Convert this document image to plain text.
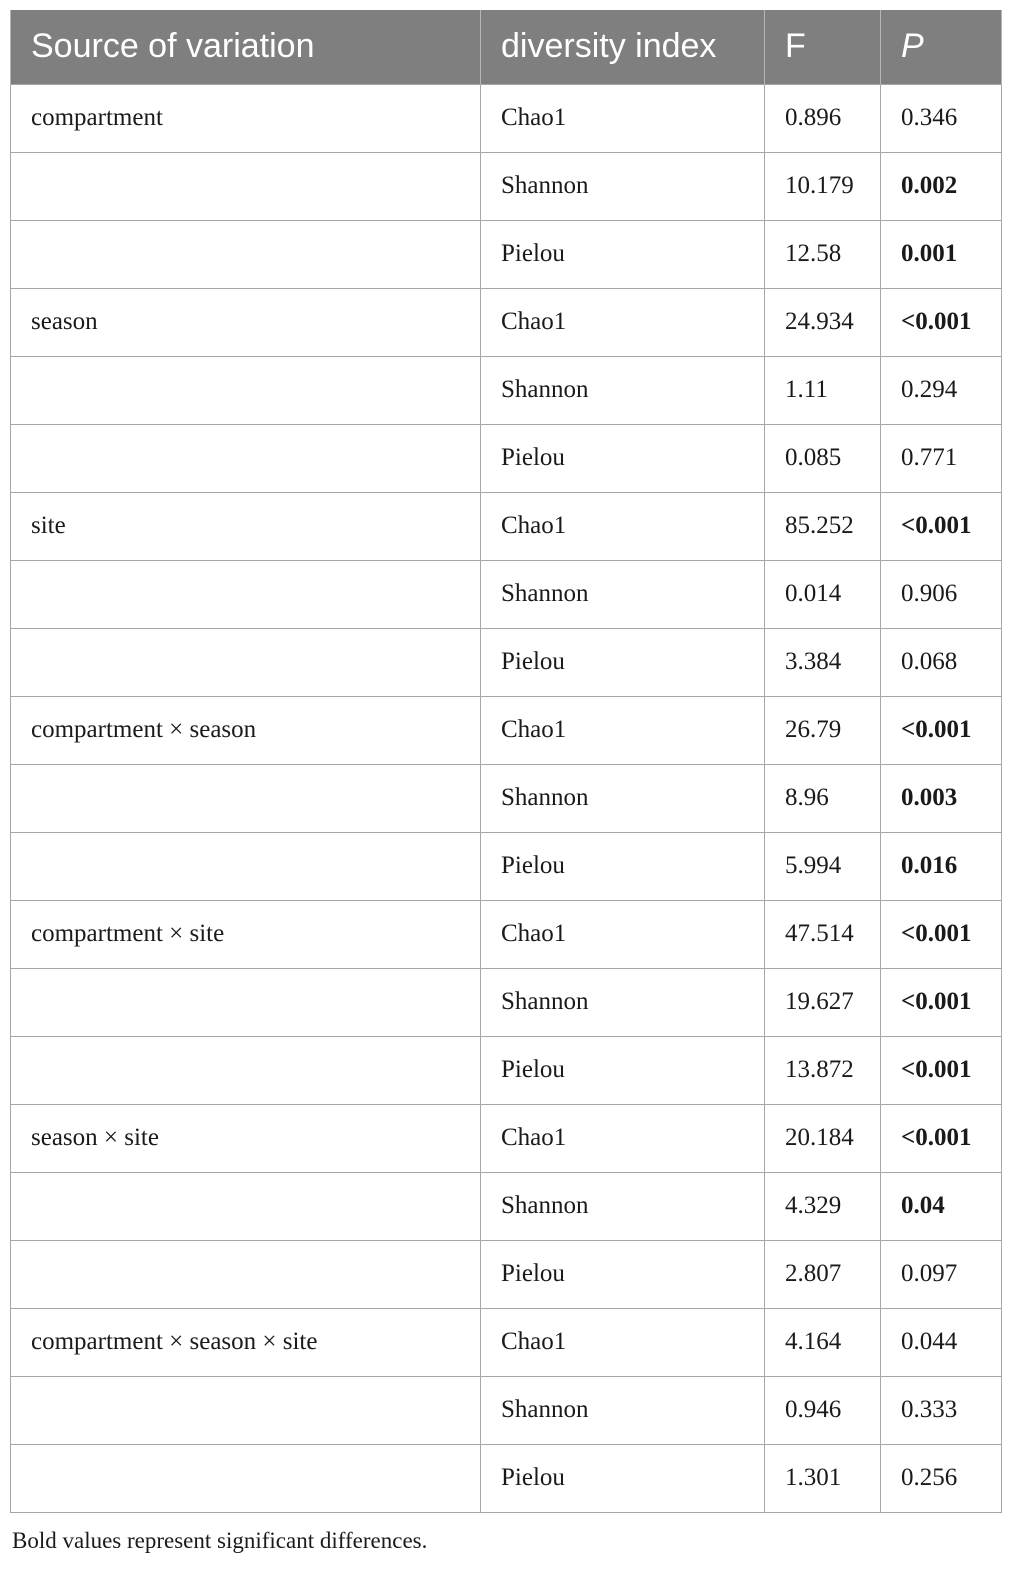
Source of variation	diversity index	F	P
compartment	Chao1	0.896	0.346
	Shannon	10.179	0.002
	Pielou	12.58	0.001
season	Chao1	24.934	<0.001
	Shannon	1.11	0.294
	Pielou	0.085	0.771
site	Chao1	85.252	<0.001
	Shannon	0.014	0.906
	Pielou	3.384	0.068
compartment × season	Chao1	26.79	<0.001
	Shannon	8.96	0.003
	Pielou	5.994	0.016
compartment × site	Chao1	47.514	<0.001
	Shannon	19.627	<0.001
	Pielou	13.872	<0.001
season × site	Chao1	20.184	<0.001
	Shannon	4.329	0.04
	Pielou	2.807	0.097
compartment × season × site	Chao1	4.164	0.044
	Shannon	0.946	0.333
	Pielou	1.301	0.256
Bold values represent significant differences.
